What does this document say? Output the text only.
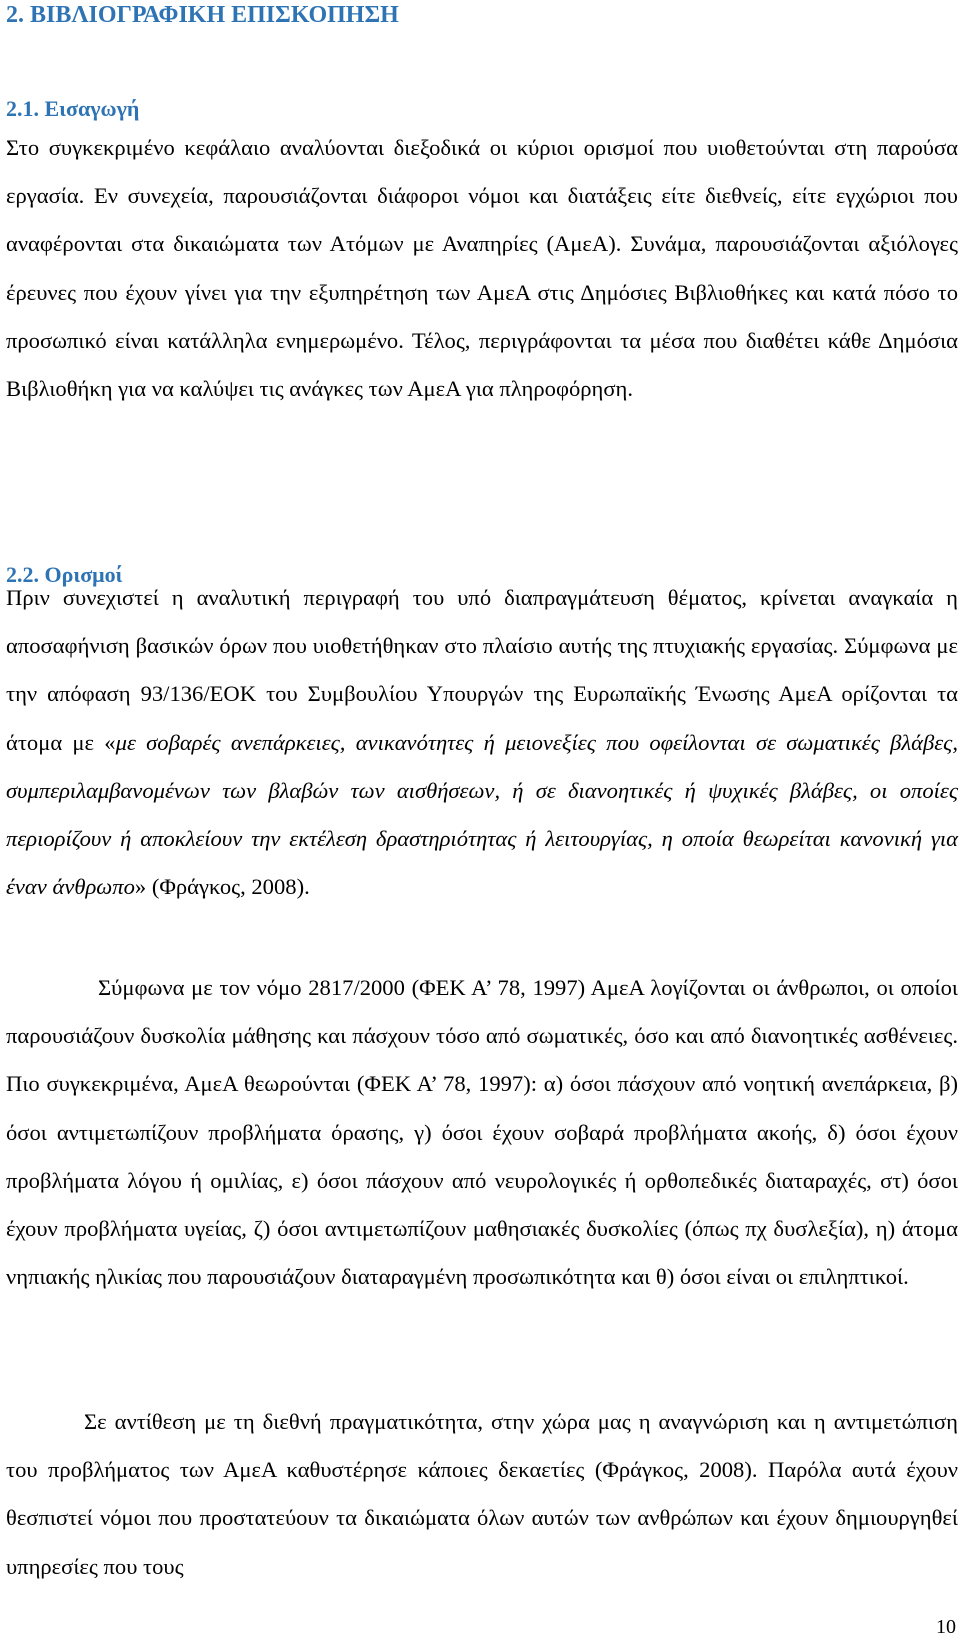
2. ΒΙΒΛΙΟΓΡΑΦΙΚΗ ΕΠΙΣΚΟΠΗΣΗ
2.1. Εισαγωγή

Στο συγκεκριμένο κεφάλαιο αναλύονται διεξοδικά οι κύριοι ορισμοί που υιοθετούνται στη παρούσα εργασία. Εν συνεχεία, παρουσιάζονται διάφοροι νόμοι και διατάξεις είτε διεθνείς, είτε εγχώριοι που αναφέρονται στα δικαιώματα των Ατόμων με Αναπηρίες (ΑμεΑ). Συνάμα, παρουσιάζονται αξιόλογες έρευνες που έχουν γίνει για την εξυπηρέτηση των ΑμεΑ στις Δημόσιες Βιβλιοθήκες και κατά πόσο το προσωπικό είναι κατάλληλα ενημερωμένο. Τέλος, περιγράφονται τα μέσα που διαθέτει κάθε Δημόσια Βιβλιοθήκη για να καλύψει τις ανάγκες των ΑμεΑ για πληροφόρηση.

2.2. Ορισμοί

Πριν συνεχιστεί η αναλυτική περιγραφή του υπό διαπραγμάτευση θέματος, κρίνεται αναγκαία η αποσαφήνιση βασικών όρων που υιοθετήθηκαν στο πλαίσιο αυτής της πτυχιακής εργασίας. Σύμφωνα με την απόφαση 93/136/ΕΟΚ του Συμβουλίου Υπουργών της Ευρωπαϊκής Ένωσης ΑμεΑ ορίζονται τα άτομα με «με σοβαρές ανεπάρκειες, ανικανότητες ή μειονεξίες που οφείλονται σε σωματικές βλάβες, συμπεριλαμβανομένων των βλαβών των αισθήσεων, ή σε διανοητικές ή ψυχικές βλάβες, οι οποίες περιορίζουν ή αποκλείουν την εκτέλεση δραστηριότητας ή λειτουργίας, η οποία θεωρείται κανονική για έναν άνθρωπο» (Φράγκος, 2008).

Σύμφωνα με τον νόμο 2817/2000 (ΦΕΚ Α’ 78, 1997) ΑμεΑ λογίζονται οι άνθρωποι, οι οποίοι παρουσιάζουν δυσκολία μάθησης και πάσχουν τόσο από σωματικές, όσο και από διανοητικές ασθένειες. Πιο συγκεκριμένα, ΑμεΑ θεωρούνται (ΦΕΚ Α’ 78, 1997): α) όσοι πάσχουν από νοητική ανεπάρκεια, β) όσοι αντιμετωπίζουν προβλήματα όρασης, γ) όσοι έχουν σοβαρά προβλήματα ακοής, δ) όσοι έχουν προβλήματα λόγου ή ομιλίας, ε) όσοι πάσχουν από νευρολογικές ή ορθοπεδικές διαταραχές, στ) όσοι έχουν προβλήματα υγείας, ζ) όσοι αντιμετωπίζουν μαθησιακές δυσκολίες (όπως πχ δυσλεξία), η) άτομα νηπιακής ηλικίας που παρουσιάζουν διαταραγμένη προσωπικότητα και θ) όσοι είναι οι επιληπτικοί.

Σε αντίθεση με τη διεθνή πραγματικότητα, στην χώρα μας η αναγνώριση και η αντιμετώπιση του προβλήματος των ΑμεΑ καθυστέρησε κάποιες δεκαετίες (Φράγκος, 2008). Παρόλα αυτά έχουν θεσπιστεί νόμοι που προστατεύουν τα δικαιώματα όλων αυτών των ανθρώπων και έχουν δημιουργηθεί υπηρεσίες που τους

10
